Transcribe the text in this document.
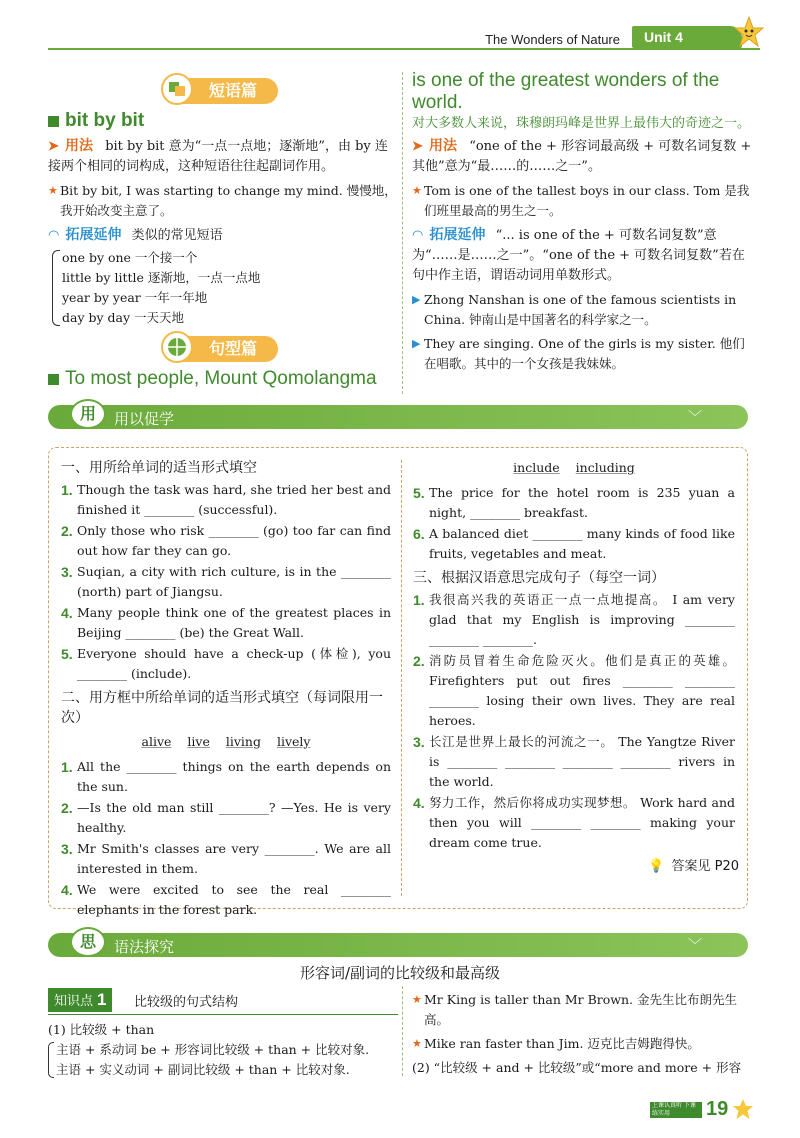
The Wonders of Nature	Unit 4
短语篇
bit by bit
➤ 用法 bit by bit 意为“一点一点地；逐渐地”，由 by 连接两个相同的词构成，这种短语往往起副词作用。
★ Bit by bit, I was starting to change my mind. 慢慢地，我开始改变主意了。
◠ 拓展延伸 类似的常见短语
one by one 一个接一个
little by little 逐渐地，一点一点地
year by year 一年一年地
day by day 一天天地
句型篇
To most people, Mount Qomolangma
is one of the greatest wonders of the world.
对大多数人来说，珠穆朗玛峰是世界上最伟大的奇迹之一。
➤ 用法 “one of the + 形容词最高级 + 可数名词复数 + 其他”意为“最……的……之一”。
★ Tom is one of the tallest boys in our class. Tom 是我们班里最高的男生之一。
◠ 拓展延伸 “... is one of the + 可数名词复数”意为“……是……之一”。“one of the + 可数名词复数”若在句中作主语，谓语动词用单数形式。
▶ Zhong Nanshan is one of the famous scientists in China. 钟南山是中国著名的科学家之一。
▶ They are singing. One of the girls is my sister. 他们在唱歌。其中的一个女孩是我妹妹。
用	用以促学	﹀
一、用所给单词的适当形式填空
1. Though the task was hard, she tried her best and finished it ________ (successful).
2. Only those who risk ________ (go) too far can find out how far they can go.
3. Suqian, a city with rich culture, is in the ________ (north) part of Jiangsu.
4. Many people think one of the greatest places in Beijing ________ (be) the Great Wall.
5. Everyone should have a check-up (体检), you ________ (include).
二、用方框中所给单词的适当形式填空（每词限用一次）
alive live living lively
1. All the ________ things on the earth depends on the sun.
2. —Is the old man still ________? —Yes. He is very healthy.
3. Mr Smith's classes are very ________. We are all interested in them.
4. We were excited to see the real ________ elephants in the forest park.
include including
5. The price for the hotel room is 235 yuan a night, ________ breakfast.
6. A balanced diet ________ many kinds of food like fruits, vegetables and meat.
三、根据汉语意思完成句子（每空一词）
1. 我很高兴我的英语正一点一点地提高。 I am very glad that my English is improving ________ ________ ________.
2. 消防员冒着生命危险灭火。他们是真正的英雄。 Firefighters put out fires ________ ________ ________ losing their own lives. They are real heroes.
3. 长江是世界上最长的河流之一。 The Yangtze River is ________ ________ ________ ________ rivers in the world.
4. 努力工作，然后你将成功实现梦想。 Work hard and then you will ________ ________ making your dream come true.
💡 答案见 P20
思	语法探究	﹀
形容词/副词的比较级和最高级
知识点 1	比较级的句式结构
(1) 比较级 + than
主语 + 系动词 be + 形容词比较级 + than + 比较对象.
主语 + 实义动词 + 副词比较级 + than + 比较对象.
★ Mr King is taller than Mr Brown. 金先生比布朗先生高。
★ Mike ran faster than Jim. 迈克比吉姆跑得快。
(2) “比较级 + and + 比较级”或“more and more + 形容
上课认真听 下课练实用	19
